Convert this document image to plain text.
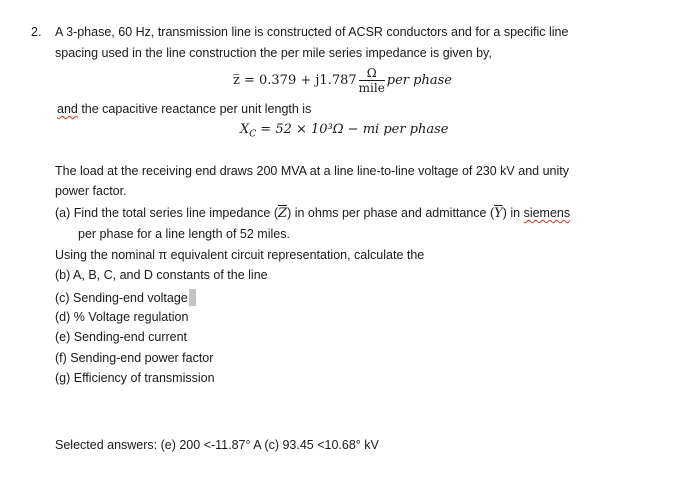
2. A 3-phase, 60 Hz, transmission line is constructed of ACSR conductors and for a specific line
spacing used in the line construction the per mile series impedance is given by,
z̅ = $0.379 + j1.787 \frac{\Omega}{\text{mile}}$ per phase
and the capacitive reactance per unit length is
$X_C = 52 \times 10^3\Omega$ − mi per phase
The load at the receiving end draws 200 MVA at a line line-to-line voltage of 230 kV and unity
power factor.
(a) Find the total series line impedance $(\overline{Z})$ in ohms per phase and admittance $(\overline{Y})$ in siemens
per phase for a line length of 52 miles.
Using the nominal π equivalent circuit representation, calculate the
(b) A, B, C, and D constants of the line
(c) Sending-end voltage
(d) % Voltage regulation
(e) Sending-end current
(f) Sending-end power factor
(g) Efficiency of transmission
Selected answers: (e) 200 <-11.87° A (c) 93.45 <10.68° kV
